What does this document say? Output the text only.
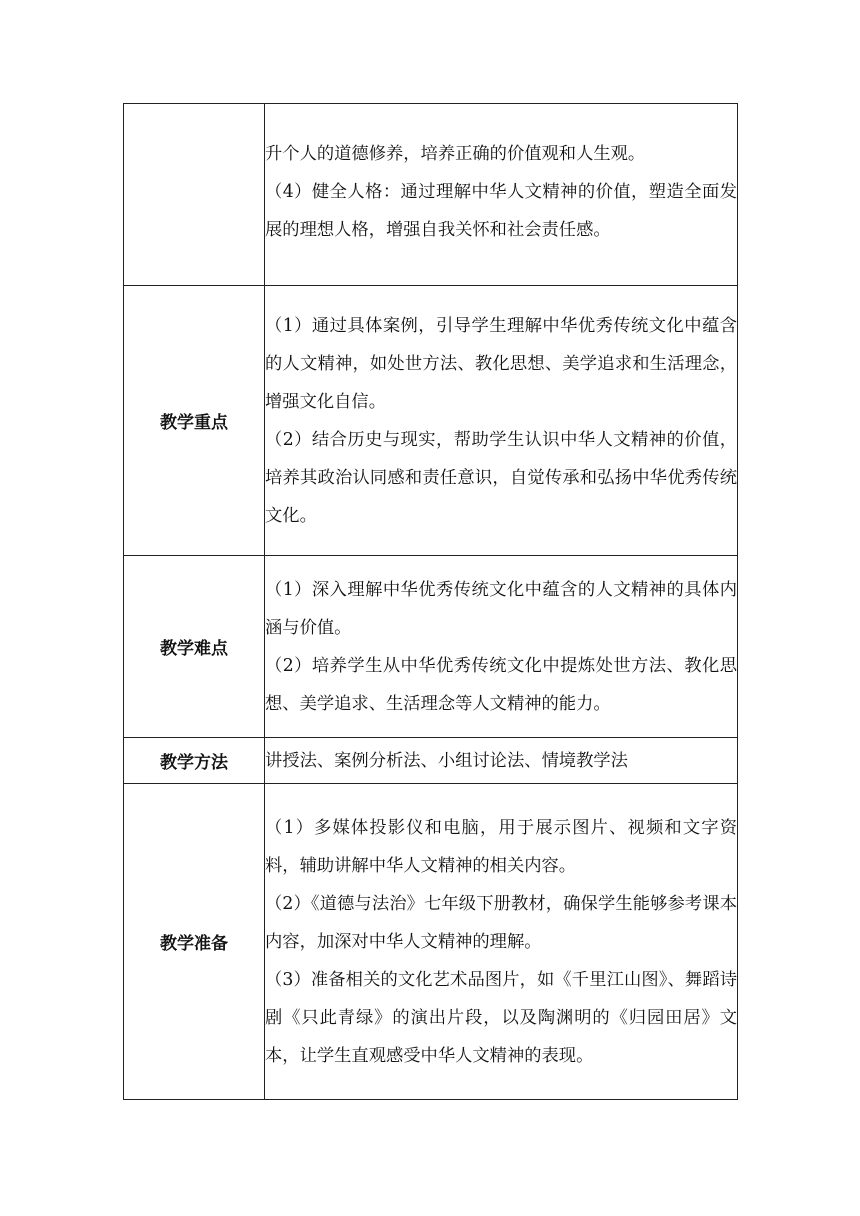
	升个人的道德修养，培养正确的价值观和人生观。

（4）健全人格：通过理解中华人文精神的价值，塑造全面发展的理想人格，增强自我关怀和社会责任感。

教学重点	（1）通过具体案例，引导学生理解中华优秀传统文化中蕴含的人文精神，如处世方法、教化思想、美学追求和生活理念，增强文化自信。

（2）结合历史与现实，帮助学生认识中华人文精神的价值，培养其政治认同感和责任意识，自觉传承和弘扬中华优秀传统文化。

教学难点	（1）深入理解中华优秀传统文化中蕴含的人文精神的具体内涵与价值。

（2）培养学生从中华优秀传统文化中提炼处世方法、教化思想、美学追求、生活理念等人文精神的能力。

教学方法	讲授法、案例分析法、小组讨论法、情境教学法

教学准备	（1）多媒体投影仪和电脑，用于展示图片、视频和文字资料，辅助讲解中华人文精神的相关内容。

（2）《道德与法治》七年级下册教材，确保学生能够参考课本内容，加深对中华人文精神的理解。

（3）准备相关的文化艺术品图片，如《千里江山图》、舞蹈诗剧《只此青绿》的演出片段，以及陶渊明的《归园田居》文本，让学生直观感受中华人文精神的表现。
